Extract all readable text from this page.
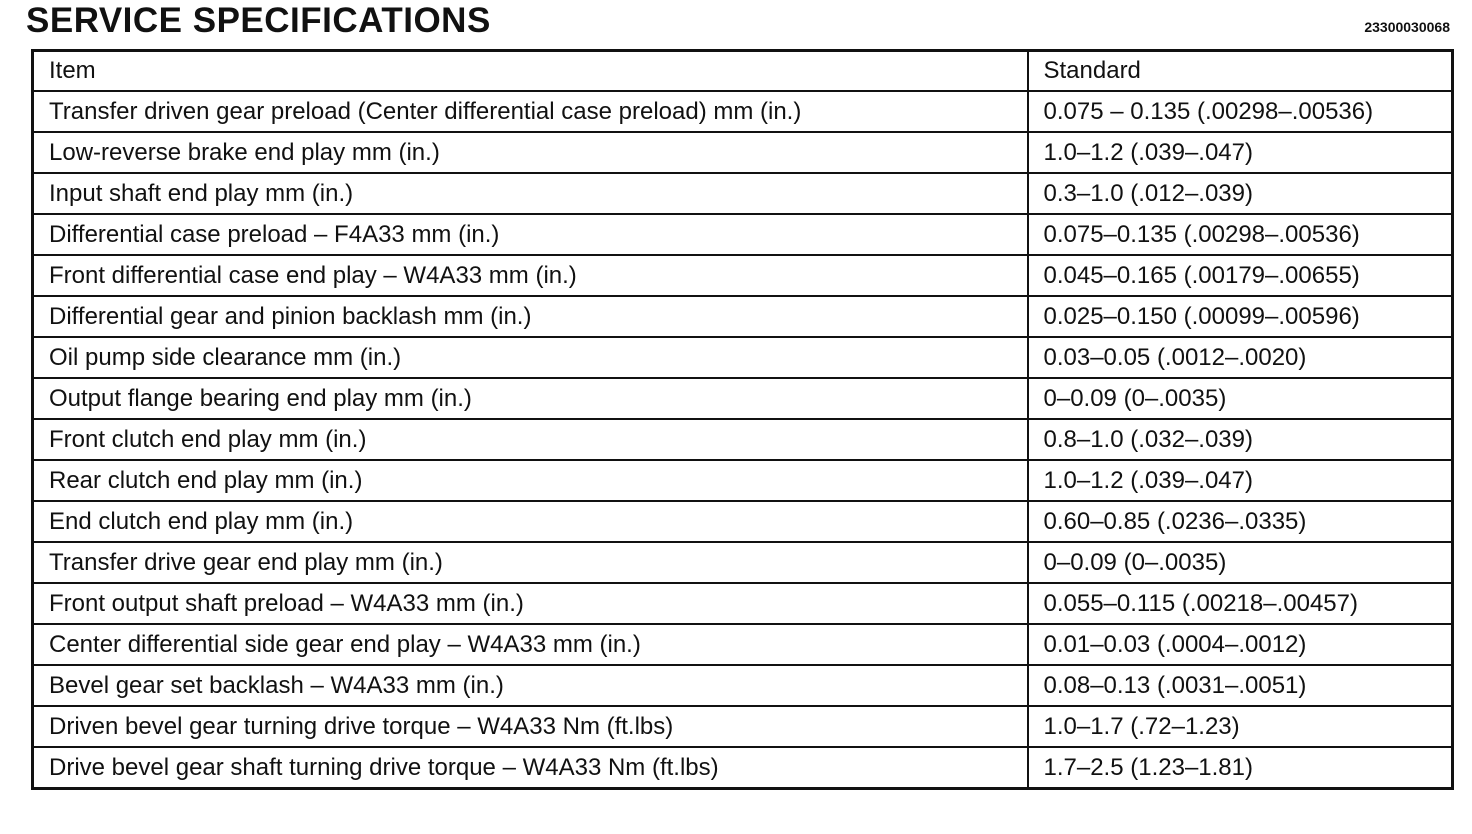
SERVICE SPECIFICATIONS	23300030068
Item	Standard
Transfer driven gear preload (Center differential case preload) mm (in.)	0.075 – 0.135 (.00298–.00536)
Low-reverse brake end play mm (in.)	1.0–1.2 (.039–.047)
Input shaft end play mm (in.)	0.3–1.0 (.012–.039)
Differential case preload – F4A33 mm (in.)	0.075–0.135 (.00298–.00536)
Front differential case end play – W4A33 mm (in.)	0.045–0.165 (.00179–.00655)
Differential gear and pinion backlash mm (in.)	0.025–0.150 (.00099–.00596)
Oil pump side clearance mm (in.)	0.03–0.05 (.0012–.0020)
Output flange bearing end play mm (in.)	0–0.09 (0–.0035)
Front clutch end play mm (in.)	0.8–1.0 (.032–.039)
Rear clutch end play mm (in.)	1.0–1.2 (.039–.047)
End clutch end play mm (in.)	0.60–0.85 (.0236–.0335)
Transfer drive gear end play mm (in.)	0–0.09 (0–.0035)
Front output shaft preload – W4A33 mm (in.)	0.055–0.115 (.00218–.00457)
Center differential side gear end play – W4A33 mm (in.)	0.01–0.03 (.0004–.0012)
Bevel gear set backlash – W4A33 mm (in.)	0.08–0.13 (.0031–.0051)
Driven bevel gear turning drive torque – W4A33 Nm (ft.lbs)	1.0–1.7 (.72–1.23)
Drive bevel gear shaft turning drive torque – W4A33 Nm (ft.lbs)	1.7–2.5 (1.23–1.81)
